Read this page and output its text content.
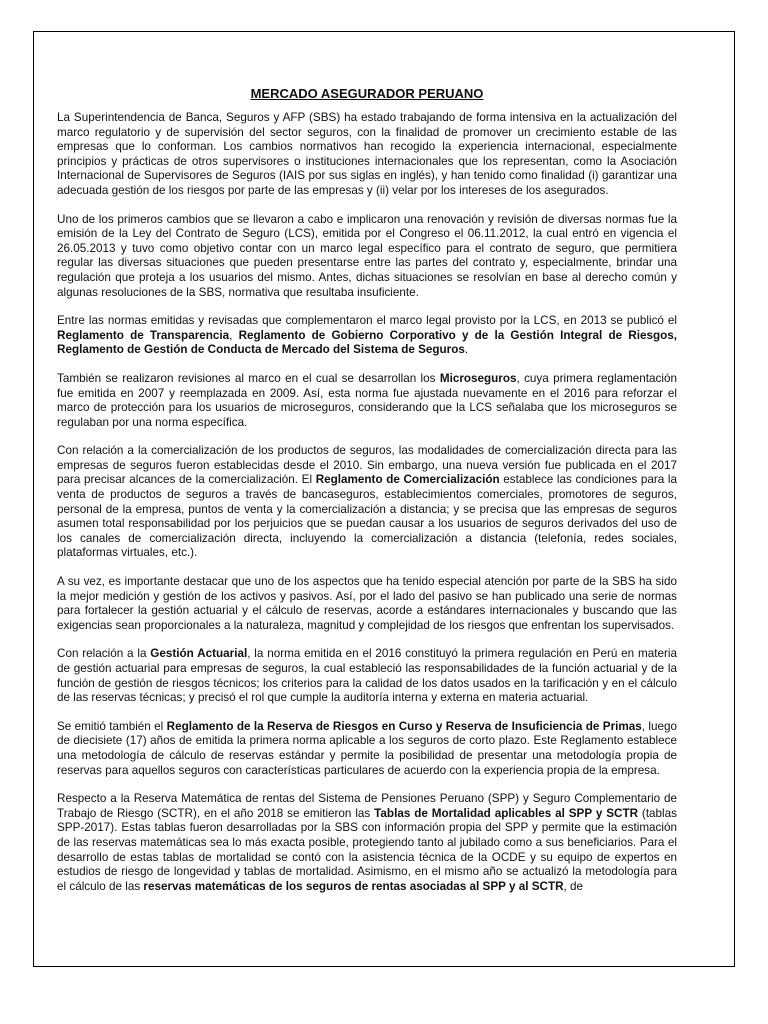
MERCADO ASEGURADOR PERUANO

La Superintendencia de Banca, Seguros y AFP (SBS) ha estado trabajando de forma intensiva en la actualización del marco regulatorio y de supervisión del sector seguros, con la finalidad de promover un crecimiento estable de las empresas que lo conforman. Los cambios normativos han recogido la experiencia internacional, especialmente principios y prácticas de otros supervisores o instituciones internacionales que los representan, como la Asociación Internacional de Supervisores de Seguros (IAIS por sus siglas en inglés), y han tenido como finalidad (i) garantizar una adecuada gestión de los riesgos por parte de las empresas y (ii) velar por los intereses de los asegurados.

Uno de los primeros cambios que se llevaron a cabo e implicaron una renovación y revisión de diversas normas fue la emisión de la Ley del Contrato de Seguro (LCS), emitida por el Congreso el 06.11.2012, la cual entró en vigencia el 26.05.2013 y tuvo como objetivo contar con un marco legal específico para el contrato de seguro, que permitiera regular las diversas situaciones que pueden presentarse entre las partes del contrato y, especialmente, brindar una regulación que proteja a los usuarios del mismo. Antes, dichas situaciones se resolvían en base al derecho común y algunas resoluciones de la SBS, normativa que resultaba insuficiente.

Entre las normas emitidas y revisadas que complementaron el marco legal provisto por la LCS, en 2013 se publicó el Reglamento de Transparencia, Reglamento de Gobierno Corporativo y de la Gestión Integral de Riesgos, Reglamento de Gestión de Conducta de Mercado del Sistema de Seguros.

También se realizaron revisiones al marco en el cual se desarrollan los Microseguros, cuya primera reglamentación fue emitida en 2007 y reemplazada en 2009. Así, esta norma fue ajustada nuevamente en el 2016 para reforzar el marco de protección para los usuarios de microseguros, considerando que la LCS señalaba que los microseguros se regulaban por una norma específica.

Con relación a la comercialización de los productos de seguros, las modalidades de comercialización directa para las empresas de seguros fueron establecidas desde el 2010. Sin embargo, una nueva versión fue publicada en el 2017 para precisar alcances de la comercialización. El Reglamento de Comercialización establece las condiciones para la venta de productos de seguros a través de bancaseguros, establecimientos comerciales, promotores de seguros, personal de la empresa, puntos de venta y la comercialización a distancia; y se precisa que las empresas de seguros asumen total responsabilidad por los perjuicios que se puedan causar a los usuarios de seguros derivados del uso de los canales de comercialización directa, incluyendo la comercialización a distancia (telefonía, redes sociales, plataformas virtuales, etc.).

A su vez, es importante destacar que uno de los aspectos que ha tenido especial atención por parte de la SBS ha sido la mejor medición y gestión de los activos y pasivos. Así, por el lado del pasivo se han publicado una serie de normas para fortalecer la gestión actuarial y el cálculo de reservas, acorde a estándares internacionales y buscando que las exigencias sean proporcionales a la naturaleza, magnitud y complejidad de los riesgos que enfrentan los supervisados.

Con relación a la Gestión Actuarial, la norma emitida en el 2016 constituyó la primera regulación en Perú en materia de gestión actuarial para empresas de seguros, la cual estableció las responsabilidades de la función actuarial y de la función de gestión de riesgos técnicos; los criterios para la calidad de los datos usados en la tarificación y en el cálculo de las reservas técnicas; y precisó el rol que cumple la auditoría interna y externa en materia actuarial.

Se emitió también el Reglamento de la Reserva de Riesgos en Curso y Reserva de Insuficiencia de Primas, luego de diecisiete (17) años de emitida la primera norma aplicable a los seguros de corto plazo. Este Reglamento establece una metodología de cálculo de reservas estándar y permite la posibilidad de presentar una metodología propia de reservas para aquellos seguros con características particulares de acuerdo con la experiencia propia de la empresa.

Respecto a la Reserva Matemática de rentas del Sistema de Pensiones Peruano (SPP) y Seguro Complementario de Trabajo de Riesgo (SCTR), en el año 2018 se emitieron las Tablas de Mortalidad aplicables al SPP y SCTR (tablas SPP-2017). Estas tablas fueron desarrolladas por la SBS con información propia del SPP y permite que la estimación de las reservas matemáticas sea lo más exacta posible, protegiendo tanto al jubilado como a sus beneficiarios. Para el desarrollo de estas tablas de mortalidad se contó con la asistencia técnica de la OCDE y su equipo de expertos en estudios de riesgo de longevidad y tablas de mortalidad. Asimismo, en el mismo año se actualizó la metodología para el cálculo de las reservas matemáticas de los seguros de rentas asociadas al SPP y al SCTR, de
